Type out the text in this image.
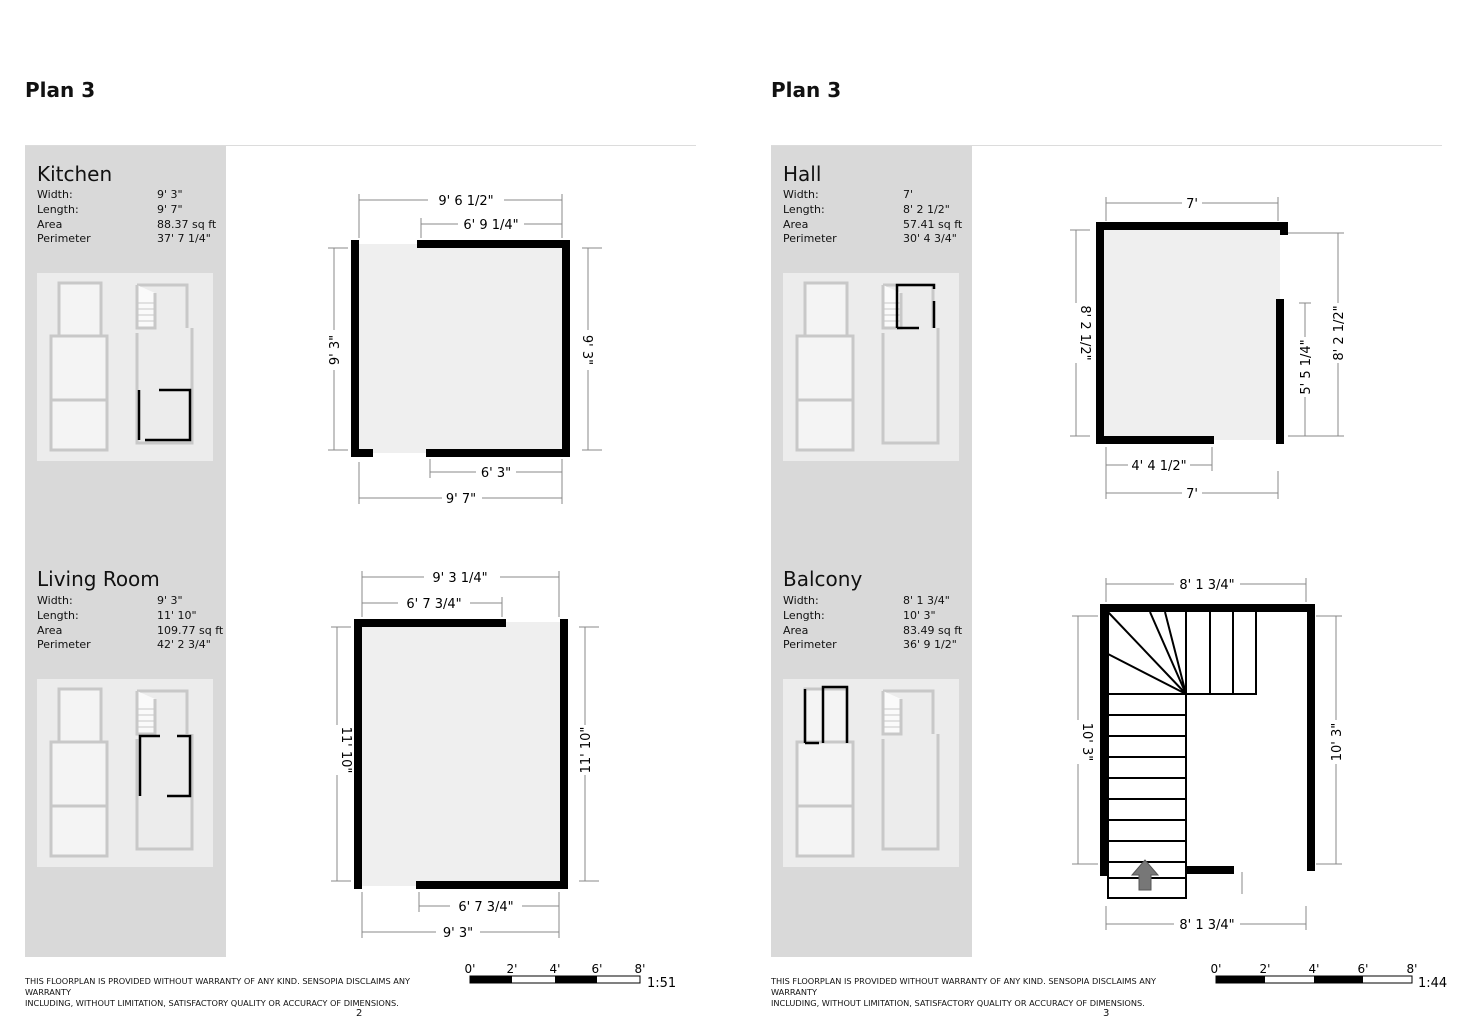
Plan 3
Kitchen
Width:	9' 3"
Length:	9' 7"
Area	88.37 sq ft
Perimeter	37' 7 1/4"
Living Room
Width:	9' 3"
Length:	11' 10"
Area	109.77 sq ft
Perimeter	42' 2 3/4"
9' 6 1/2"
6' 9 1/4"
9' 3"	9' 3"
6' 3"
9' 7"
9' 3 1/4"
6' 7 3/4"
11' 10"	11' 10"
6' 7 3/4"
9' 3"
THIS FLOORPLAN IS PROVIDED WITHOUT WARRANTY OF ANY KIND. SENSOPIA DISCLAIMS ANY WARRANTY
INCLUDING, WITHOUT LIMITATION, SATISFACTORY QUALITY OR ACCURACY OF DIMENSIONS.
0'	2'	4'	6'	8'
1:51
2
Plan 3
Hall
Width:	7'
Length:	8' 2 1/2"
Area	57.41 sq ft
Perimeter	30' 4 3/4"
Balcony
Width:	8' 1 3/4"
Length:	10' 3"
Area	83.49 sq ft
Perimeter	36' 9 1/2"
7'
8' 2 1/2"	8' 2 1/2"
5' 5 1/4"
4' 4 1/2"
7'
8' 1 3/4"
10' 3"	10' 3"
8' 1 3/4"
THIS FLOORPLAN IS PROVIDED WITHOUT WARRANTY OF ANY KIND. SENSOPIA DISCLAIMS ANY WARRANTY
INCLUDING, WITHOUT LIMITATION, SATISFACTORY QUALITY OR ACCURACY OF DIMENSIONS.
0'	2'	4'	6'	8'
1:44
3
